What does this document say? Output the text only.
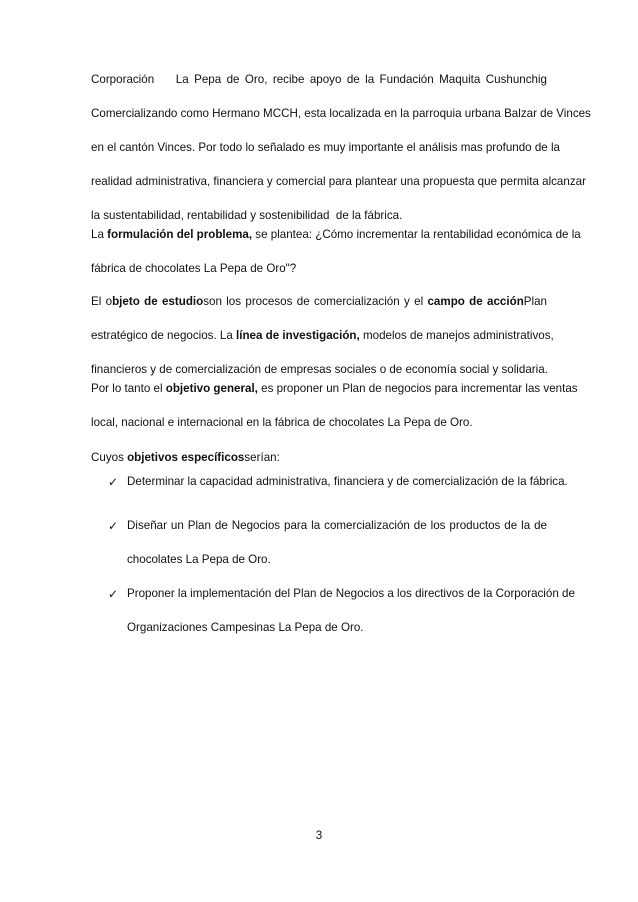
Corporación    La Pepa de Oro, recibe apoyo de la Fundación Maquita Cushunchig
Comercializando como Hermano MCCH, esta localizada en la parroquia urbana Balzar de Vinces
en el cantón Vinces. Por todo lo señalado es muy importante el análisis mas profundo de la
realidad administrativa, financiera y comercial para plantear una propuesta que permita alcanzar
la sustentabilidad, rentabilidad y sostenibilidad  de la fábrica.

La formulación del problema, se plantea: ¿Cómo incrementar la rentabilidad económica de la
fábrica de chocolates La Pepa de Oro"?

El objeto de estudioson los procesos de comercialización y el campo de acciónPlan
estratégico de negocios. La línea de investigación, modelos de manejos administrativos,
financieros y de comercialización de empresas sociales o de economía social y solidaria.

Por lo tanto el objetivo general, es proponer un Plan de negocios para incrementar las ventas
local, nacional e internacional en la fábrica de chocolates La Pepa de Oro.

Cuyos objetivos específicosserían:

✓ Determinar la capacidad administrativa, financiera y de comercialización de la fábrica.
✓ Diseñar un Plan de Negocios para la comercialización de los productos de la de
chocolates La Pepa de Oro.
✓ Proponer la implementación del Plan de Negocios a los directivos de la Corporación de
Organizaciones Campesinas La Pepa de Oro.
3
